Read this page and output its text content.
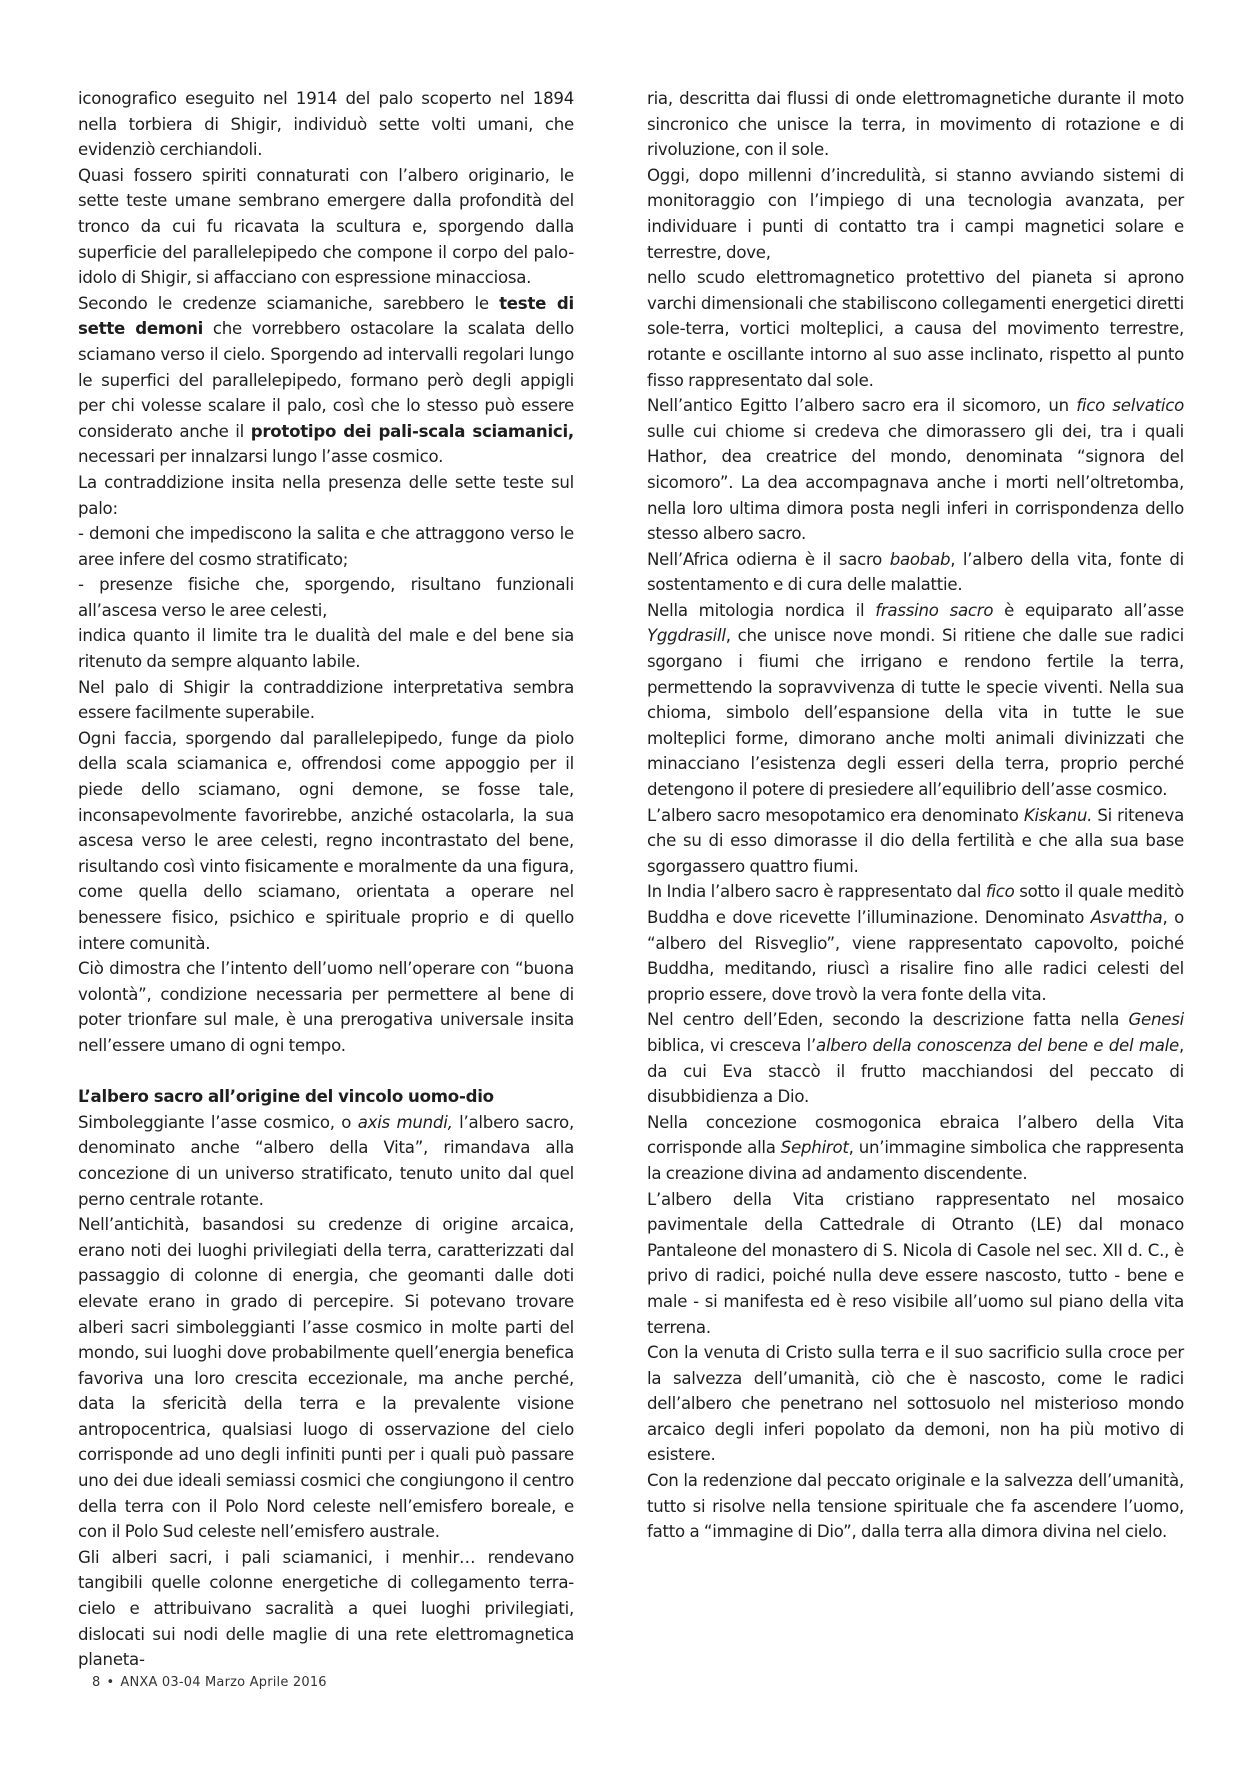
iconografico eseguito nel 1914 del palo scoperto nel 1894 nella torbiera di Shigir, individuò sette volti umani, che evidenziò cerchiandoli.

Quasi fossero spiriti connaturati con l’albero originario, le sette teste umane sembrano emergere dalla profondità del tronco da cui fu ricavata la scultura e, sporgendo dalla superficie del parallelepipedo che compone il corpo del palo-idolo di Shigir, si affacciano con espressione minacciosa.

Secondo le credenze sciamaniche, sarebbero le teste di sette demoni che vorrebbero ostacolare la scalata dello sciamano verso il cielo. Sporgendo ad intervalli regolari lungo le superfici del parallelepipedo, formano però degli appigli per chi volesse scalare il palo, così che lo stesso può essere considerato anche il prototipo dei pali-scala sciamanici, necessari per innalzarsi lungo l’asse cosmico.

La contraddizione insita nella presenza delle sette teste sul palo:

- demoni che impediscono la salita e che attraggono verso le aree infere del cosmo stratificato;

- presenze fisiche che, sporgendo, risultano funzionali all’ascesa verso le aree celesti,

indica quanto il limite tra le dualità del male e del bene sia ritenuto da sempre alquanto labile.

Nel palo di Shigir la contraddizione interpretativa sembra essere facilmente superabile.

Ogni faccia, sporgendo dal parallelepipedo, funge da piolo della scala sciamanica e, offrendosi come appoggio per il piede dello sciamano, ogni demone, se fosse tale, inconsapevolmente favorirebbe, anziché ostacolarla, la sua ascesa verso le aree celesti, regno incontrastato del bene, risultando così vinto fisicamente e moralmente da una figura, come quella dello sciamano, orientata a operare nel benessere fisico, psichico e spirituale proprio e di quello intere comunità.

Ciò dimostra che l’intento dell’uomo nell’operare con “buona volontà”, condizione necessaria per permettere al bene di poter trionfare sul male, è una prerogativa universale insita nell’essere umano di ogni tempo.

L’albero sacro all’origine del vincolo uomo-dio

Simboleggiante l’asse cosmico, o axis mundi, l’albero sacro, denominato anche “albero della Vita”, rimandava alla concezione di un universo stratificato, tenuto unito dal quel perno centrale rotante.

Nell’antichità, basandosi su credenze di origine arcaica, erano noti dei luoghi privilegiati della terra, caratterizzati dal passaggio di colonne di energia, che geomanti dalle doti elevate erano in grado di percepire. Si potevano trovare alberi sacri simboleggianti l’asse cosmico in molte parti del mondo, sui luoghi dove probabilmente quell’energia benefica favoriva una loro crescita eccezionale, ma anche perché, data la sfericità della terra e la prevalente visione antropocentrica, qualsiasi luogo di osservazione del cielo corrisponde ad uno degli infiniti punti per i quali può passare uno dei due ideali semiassi cosmici che congiungono il centro della terra con il Polo Nord celeste nell’emisfero boreale, e con il Polo Sud celeste nell’emisfero australe.

Gli alberi sacri, i pali sciamanici, i menhir… rendevano tangibili quelle colonne energetiche di collegamento terra-cielo e attribuivano sacralità a quei luoghi privilegiati, dislocati sui nodi delle maglie di una rete elettromagnetica planeta-

ria, descritta dai flussi di onde elettromagnetiche durante il moto sincronico che unisce la terra, in movimento di rotazione e di rivoluzione, con il sole.

Oggi, dopo millenni d’incredulità, si stanno avviando sistemi di monitoraggio con l’impiego di una tecnologia avanzata, per individuare i punti di contatto tra i campi magnetici solare e terrestre, dove,

nello scudo elettromagnetico protettivo del pianeta si aprono varchi dimensionali che stabiliscono collegamenti energetici diretti sole-terra, vortici molteplici, a causa del movimento terrestre, rotante e oscillante intorno al suo asse inclinato, rispetto al punto fisso rappresentato dal sole.

Nell’antico Egitto l’albero sacro era il sicomoro, un fico selvatico sulle cui chiome si credeva che dimorassero gli dei, tra i quali Hathor, dea creatrice del mondo, denominata “signora del sicomoro”. La dea accompagnava anche i morti nell’oltretomba, nella loro ultima dimora posta negli inferi in corrispondenza dello stesso albero sacro.

Nell’Africa odierna è il sacro baobab, l’albero della vita, fonte di sostentamento e di cura delle malattie.

Nella mitologia nordica il frassino sacro è equiparato all’asse Yggdrasill, che unisce nove mondi. Si ritiene che dalle sue radici sgorgano i fiumi che irrigano e rendono fertile la terra, permettendo la sopravvivenza di tutte le specie viventi. Nella sua chioma, simbolo dell’espansione della vita in tutte le sue molteplici forme, dimorano anche molti animali divinizzati che minacciano l’esistenza degli esseri della terra, proprio perché detengono il potere di presiedere all’equilibrio dell’asse cosmico.

L’albero sacro mesopotamico era denominato Kiskanu. Si riteneva che su di esso dimorasse il dio della fertilità e che alla sua base sgorgassero quattro fiumi.

In India l’albero sacro è rappresentato dal fico sotto il quale meditò Buddha e dove ricevette l’illuminazione. Denominato Asvattha, o “albero del Risveglio”, viene rappresentato capovolto, poiché Buddha, meditando, riuscì a risalire fino alle radici celesti del proprio essere, dove trovò la vera fonte della vita.

Nel centro dell’Eden, secondo la descrizione fatta nella Genesi biblica, vi cresceva l’albero della conoscenza del bene e del male, da cui Eva staccò il frutto macchiandosi del peccato di disubbidienza a Dio.

Nella concezione cosmogonica ebraica l’albero della Vita corrisponde alla Sephirot, un’immagine simbolica che rappresenta la creazione divina ad andamento discendente.

L’albero della Vita cristiano rappresentato nel mosaico pavimentale della Cattedrale di Otranto (LE) dal monaco Pantaleone del monastero di S. Nicola di Casole nel sec. XII d. C., è privo di radici, poiché nulla deve essere nascosto, tutto - bene e male - si manifesta ed è reso visibile all’uomo sul piano della vita terrena.

Con la venuta di Cristo sulla terra e il suo sacrificio sulla croce per la salvezza dell’umanità, ciò che è nascosto, come le radici dell’albero che penetrano nel sottosuolo nel misterioso mondo arcaico degli inferi popolato da demoni, non ha più motivo di esistere.

Con la redenzione dal peccato originale e la salvezza dell’umanità, tutto si risolve nella tensione spirituale che fa ascendere l’uomo, fatto a “immagine di Dio”, dalla terra alla dimora divina nel cielo.

8 • ANXA 03-04 Marzo Aprile 2016
